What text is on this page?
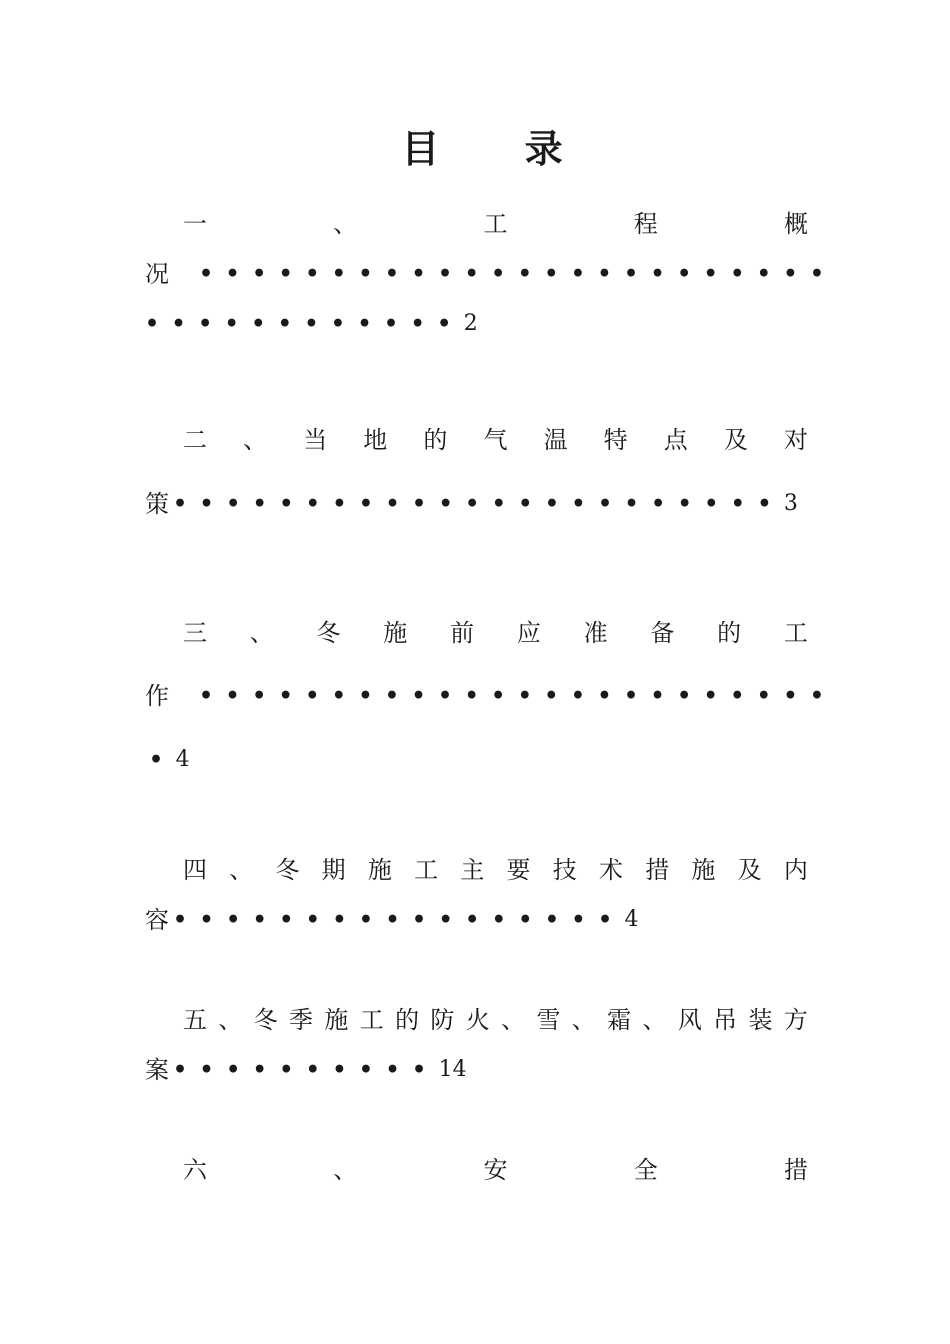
目 录
一	、	工	程	概
况 ••••••••••••••••••••••••
•••••••••••• 2
二 、 当 地 的 气 温 特 点 及 对
策 ••••••••••••••••••••••• 3
三 、 冬 施 前 应 准 备 的 工
作 ••••••••••••••••••••••••
• 4
四 、 冬 期 施 工 主 要 技 术 措 施 及 内
容 ••••••••••••••••• 4
五 、 冬 季 施 工 的 防 火 、 雪 、 霜 、 风 吊 装 方
案 •••••••••• 14
六	、	安	全	措
